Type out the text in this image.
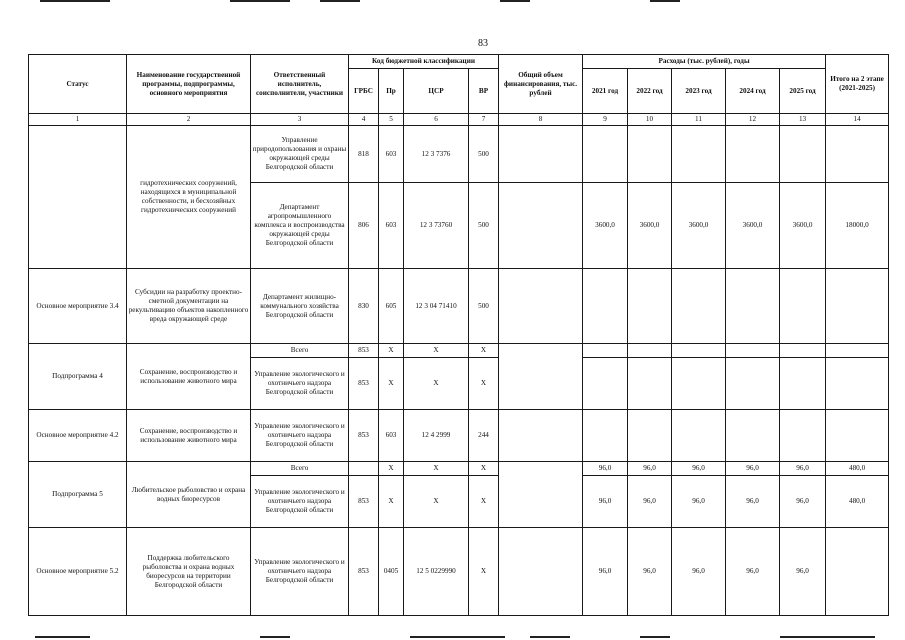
83
Статус	Наименование государственной программы, подпрограммы, основного мероприятия	Ответственный исполнитель, соисполнители, участники	Код бюджетной классификации				Общий объем финансирования, тыс. рублей	Расходы (тыс. рублей), годы					Итого на 2 этапе (2021-2025)
			ГРБС	Пр	ЦСР	ВР		2021 год	2022 год	2023 год	2024 год	2025 год	
1	2	3	4	5	6	7	8	9	10	11	12	13	14
	гидротехнических сооружений, находящихся в муниципальной собственности, и бесхозяйных гидротехнических сооружений	Управление природопользования и охраны окружающей среды Белгородской области	818	603	12 3 7376	500							
		Департамент агропромышленного комплекса и воспроизводства окружающей среды Белгородской области	806	603	12 3 73760	500		3600,0	3600,0	3600,0	3600,0	3600,0	18000,0
Основное мероприятие 3.4	Субсидии на разработку проектно-сметной документации на рекультивацию объектов накопленного вреда окружающей среде	Департамент жилищно-коммунального хозяйства Белгородской области	830	605	12 3 04 71410	500							
Подпрограмма 4	Сохранение, воспроизводство и использование животного мира	Всего	853	X	X	X							
		Управление экологического и охотничьего надзора Белгородской области	853	X	X	X							
Основное мероприятие 4.2	Сохранение, воспроизводство и использование животного мира	Управление экологического и охотничьего надзора Белгородской области	853	603	12 4 2999	244							
Подпрограмма 5	Любительское рыболовство и охрана водных биоресурсов	Всего		X	X	X		96,0	96,0	96,0	96,0	96,0	480,0
		Управление экологического и охотничьего надзора Белгородской области	853	X	X	X		96,0	96,0	96,0	96,0	96,0	480,0
Основное мероприятие 5.2	Поддержка любительского рыболовства и охрана водных биоресурсов на территории Белгородской области	Управление экологического и охотничьего надзора Белгородской области	853	0405	12 5 0229990	X		96,0	96,0	96,0	96,0	96,0	
